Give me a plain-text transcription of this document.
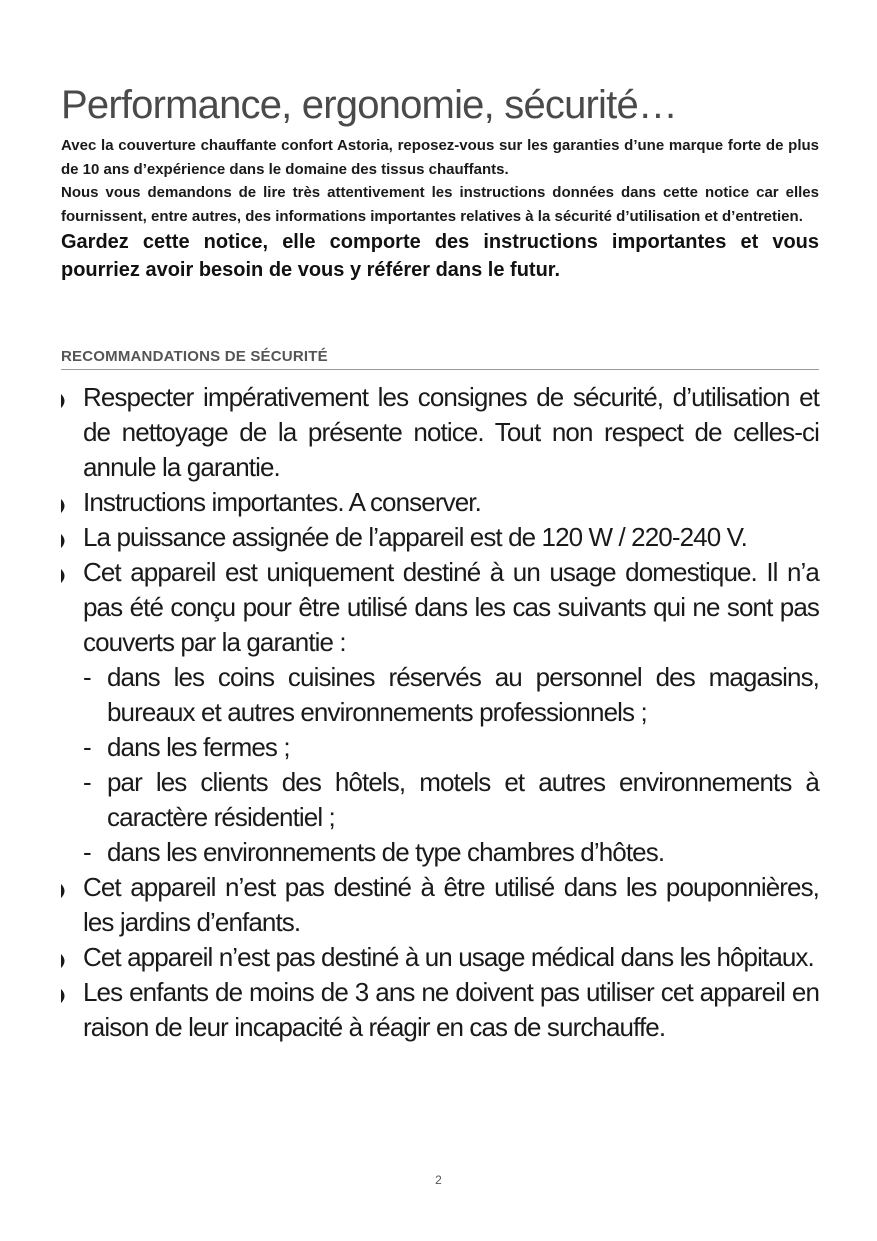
Performance, ergonomie, sécurité…

Avec la couverture chauffante confort Astoria, reposez-vous sur les garanties d’une marque forte de plus de 10 ans d’expérience dans le domaine des tissus chauffants.

Nous vous demandons de lire très attentivement les instructions données dans cette notice car elles fournissent, entre autres, des informations importantes relatives à la sécurité d’utilisation et d’entretien.

Gardez cette notice, elle comporte des instructions importantes et vous pourriez avoir besoin de vous y référer dans le futur.

RECOMMANDATIONS DE SÉCURITÉ
Respecter impérativement les consignes de sécurité, d’utilisation et de nettoyage de la présente notice. Tout non respect de celles-ci annule la garantie.
Instructions importantes. A conserver.
La puissance assignée de l’appareil est de 120 W / 220-240 V.
Cet appareil est uniquement destiné à un usage domestique. Il n’a pas été conçu pour être utilisé dans les cas suivants qui ne sont pas couverts par la garantie :
- dans les coins cuisines réservés au personnel des magasins, bureaux et autres environnements professionnels ;
- dans les fermes ;
- par les clients des hôtels, motels et autres environnements à caractère résidentiel ;
- dans les environnements de type chambres d’hôtes.
Cet appareil n’est pas destiné à être utilisé dans les pouponnières, les jardins d’enfants.
Cet appareil n’est pas destiné à un usage médical dans les hôpitaux.
Les enfants de moins de 3 ans ne doivent pas utiliser cet appareil en raison de leur incapacité à réagir en cas de surchauffe.
2
